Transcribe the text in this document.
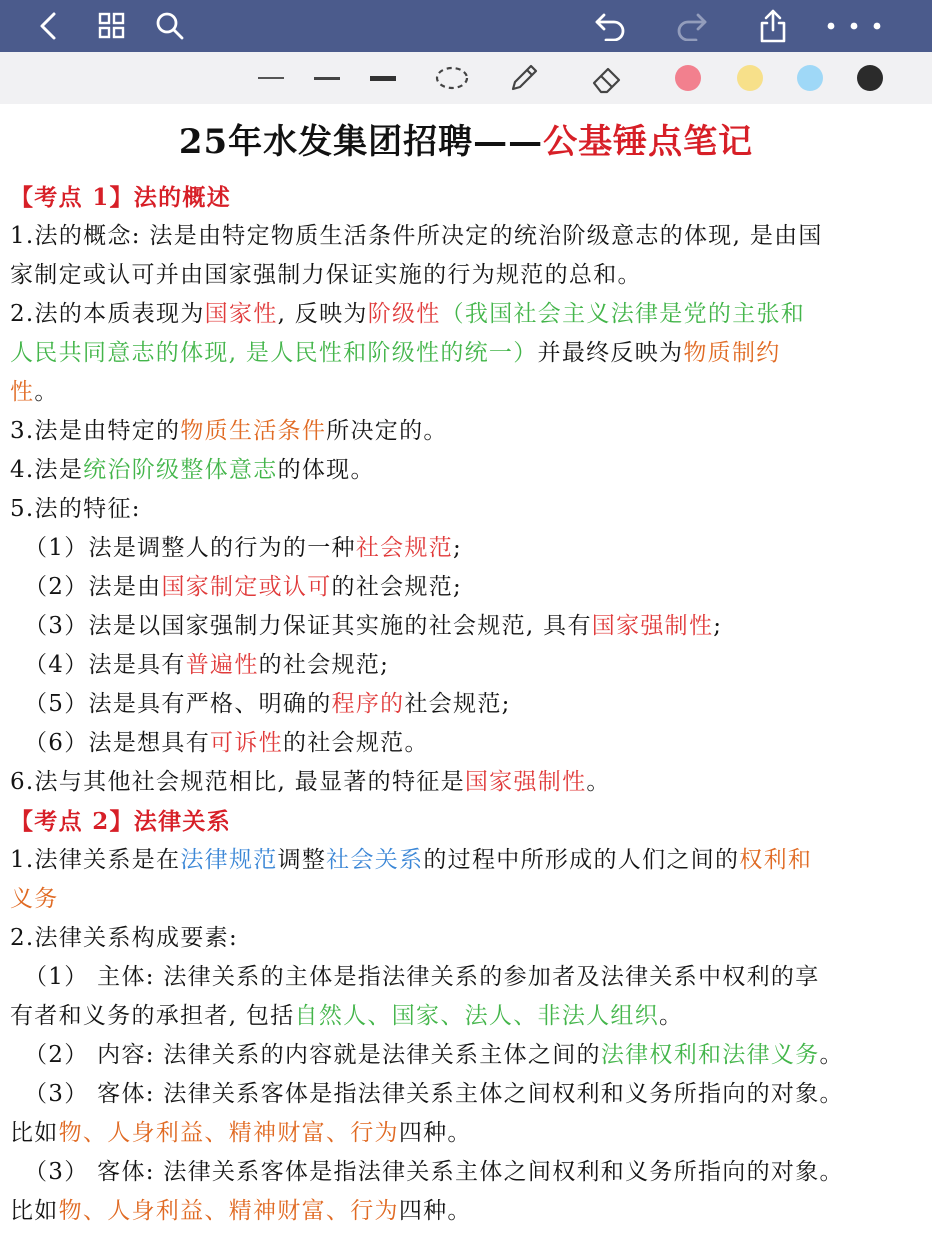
25年水发集团招聘——公基锤点笔记
【考点 1】法的概述
1.法的概念: 法是由特定物质生活条件所决定的统治阶级意志的体现, 是由国
家制定或认可并由国家强制力保证实施的行为规范的总和。
2.法的本质表现为国家性, 反映为阶级性（我国社会主义法律是党的主张和
人民共同意志的体现, 是人民性和阶级性的统一）并最终反映为物质制约
性。
3.法是由特定的物质生活条件所决定的。
4.法是统治阶级整体意志的体现。
5.法的特征:
（1）法是调整人的行为的一种社会规范;
（2）法是由国家制定或认可的社会规范;
（3）法是以国家强制力保证其实施的社会规范, 具有国家强制性;
（4）法是具有普遍性的社会规范;
（5）法是具有严格、明确的程序的社会规范;
（6）法是想具有可诉性的社会规范。
6.法与其他社会规范相比, 最显著的特征是国家强制性。
【考点 2】法律关系
1.法律关系是在法律规范调整社会关系的过程中所形成的人们之间的权利和
义务
2.法律关系构成要素:
（1） 主体: 法律关系的主体是指法律关系的参加者及法律关系中权利的享
有者和义务的承担者, 包括自然人、国家、法人、非法人组织。
（2） 内容: 法律关系的内容就是法律关系主体之间的法律权利和法律义务。
（3） 客体: 法律关系客体是指法律关系主体之间权利和义务所指向的对象。
比如物、人身利益、精神财富、行为四种。
（3） 客体: 法律关系客体是指法律关系主体之间权利和义务所指向的对象。
比如物、人身利益、精神财富、行为四种。
